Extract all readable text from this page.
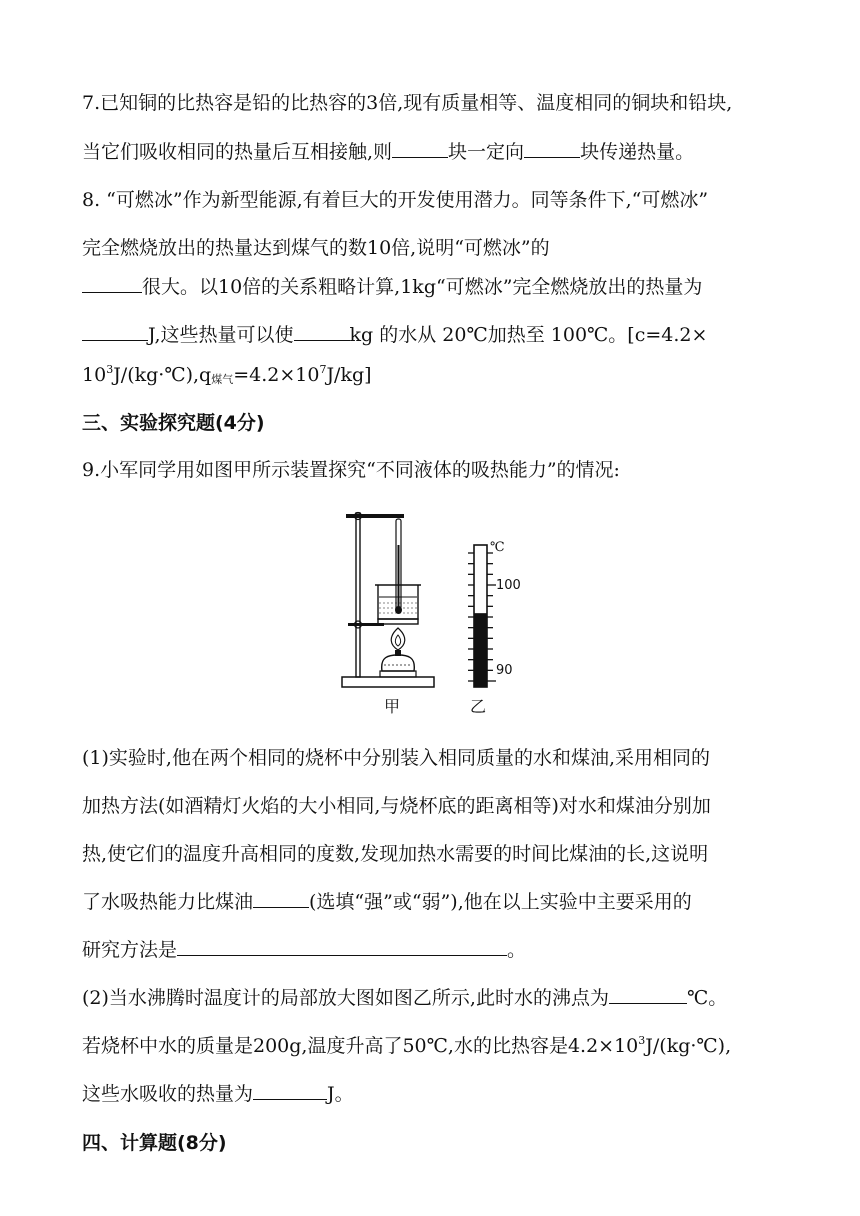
7.已知铜的比热容是铅的比热容的3倍,现有质量相等、温度相同的铜块和铅块,
当它们吸收相同的热量后互相接触,则	块一定向	块传递热量。
8. “可燃冰”作为新型能源,有着巨大的开发使用潜力。同等条件下,“可燃冰”
完全燃烧放出的热量达到煤气的数10倍,说明“可燃冰”的
很大。以10倍的关系粗略计算,1kg“可燃冰”完全燃烧放出的热量为
J,这些热量可以使	kg 的水从 20℃加热至 100℃。[c=4.2×
$10^3J/(kg\cdot℃),q$煤气$=4.2\times 10^7J/kg$]
三、实验探究题(4分)
9.小军同学用如图甲所示装置探究“不同液体的吸热能力”的情况:
℃
100
90
甲	乙
(1)实验时,他在两个相同的烧杯中分别装入相同质量的水和煤油,采用相同的
加热方法(如酒精灯火焰的大小相同,与烧杯底的距离相等)对水和煤油分别加
热,使它们的温度升高相同的度数,发现加热水需要的时间比煤油的长,这说明
了水吸热能力比煤油	(选填“强”或“弱”),他在以上实验中主要采用的
研究方法是	。
(2)当水沸腾时温度计的局部放大图如图乙所示,此时水的沸点为	℃。
若烧杯中水的质量是200g,温度升高了50℃,水的比热容是$4.2\times 10^3J/(kg\cdot℃)$,
这些水吸收的热量为	J。
四、计算题(8分)
